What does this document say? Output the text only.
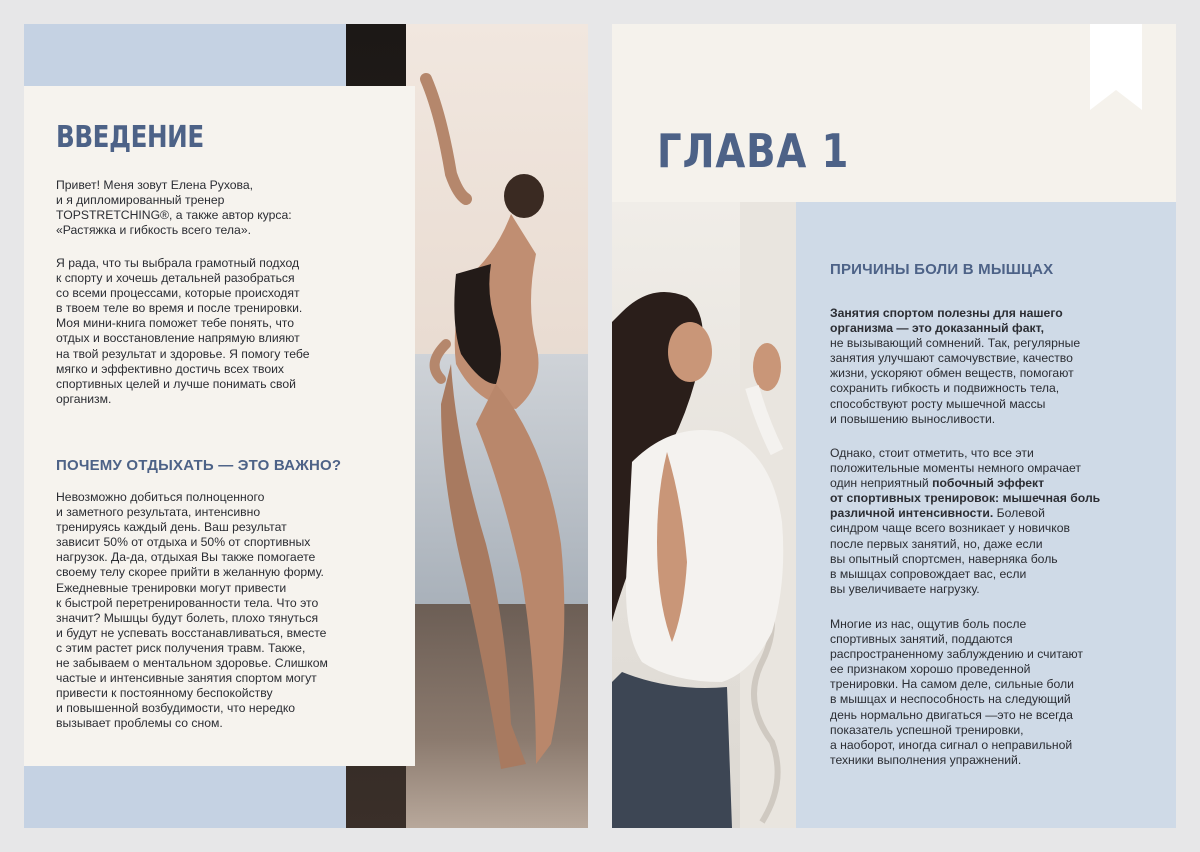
ВВЕДЕНИЕ

Привет! Меня зовут Елена Рухова,
и я дипломированный тренер
TOPSTRETCHING®, а также автор курса:
«Растяжка и гибкость всего тела».

Я рада, что ты выбрала грамотный подход
к спорту и хочешь детальней разобраться
со всеми процессами, которые происходят
в твоем теле во время и после тренировки.
Моя мини-книга поможет тебе понять, что
отдых и восстановление напрямую влияют
на твой результат и здоровье. Я помогу тебе
мягко и эффективно достичь всех твоих
спортивных целей и лучше понимать свой
организм.

ПОЧЕМУ ОТДЫХАТЬ — ЭТО ВАЖНО?

Невозможно добиться полноценного
и заметного результата, интенсивно
тренируясь каждый день. Ваш результат
зависит 50% от отдыха и 50% от спортивных
нагрузок. Да-да, отдыхая Вы также помогаете
своему телу скорее прийти в желанную форму.
Ежедневные тренировки могут привести
к быстрой перетренированности тела. Что это
значит? Мышцы будут болеть, плохо тянуться
и будут не успевать восстанавливаться, вместе
с этим растет риск получения травм. Также,
не забываем о ментальном здоровье. Слишком
частые и интенсивные занятия спортом могут
привести к постоянному беспокойству
и повышенной возбудимости, что нередко
вызывает проблемы со сном.

ГЛАВА 1
ПРИЧИНЫ БОЛИ В МЫШЦАХ

Занятия спортом полезны для нашего
организма — это доказанный факт,
не вызывающий сомнений. Так, регулярные
занятия улучшают самочувствие, качество
жизни, ускоряют обмен веществ, помогают
сохранить гибкость и подвижность тела,
способствуют росту мышечной массы
и повышению выносливости.

Однако, стоит отметить, что все эти
положительные моменты немного омрачает
один неприятный побочный эффект
от спортивных тренировок: мышечная боль
различной интенсивности. Болевой
синдром чаще всего возникает у новичков
после первых занятий, но, даже если
вы опытный спортсмен, наверняка боль
в мышцах сопровождает вас, если
вы увеличиваете нагрузку.

Многие из нас, ощутив боль после
спортивных занятий, поддаются
распространенному заблуждению и считают
ее признаком хорошо проведенной
тренировки. На самом деле, сильные боли
в мышцах и неспособность на следующий
день нормально двигаться —это не всегда
показатель успешной тренировки,
а наоборот, иногда сигнал о неправильной
техники выполнения упражнений.
